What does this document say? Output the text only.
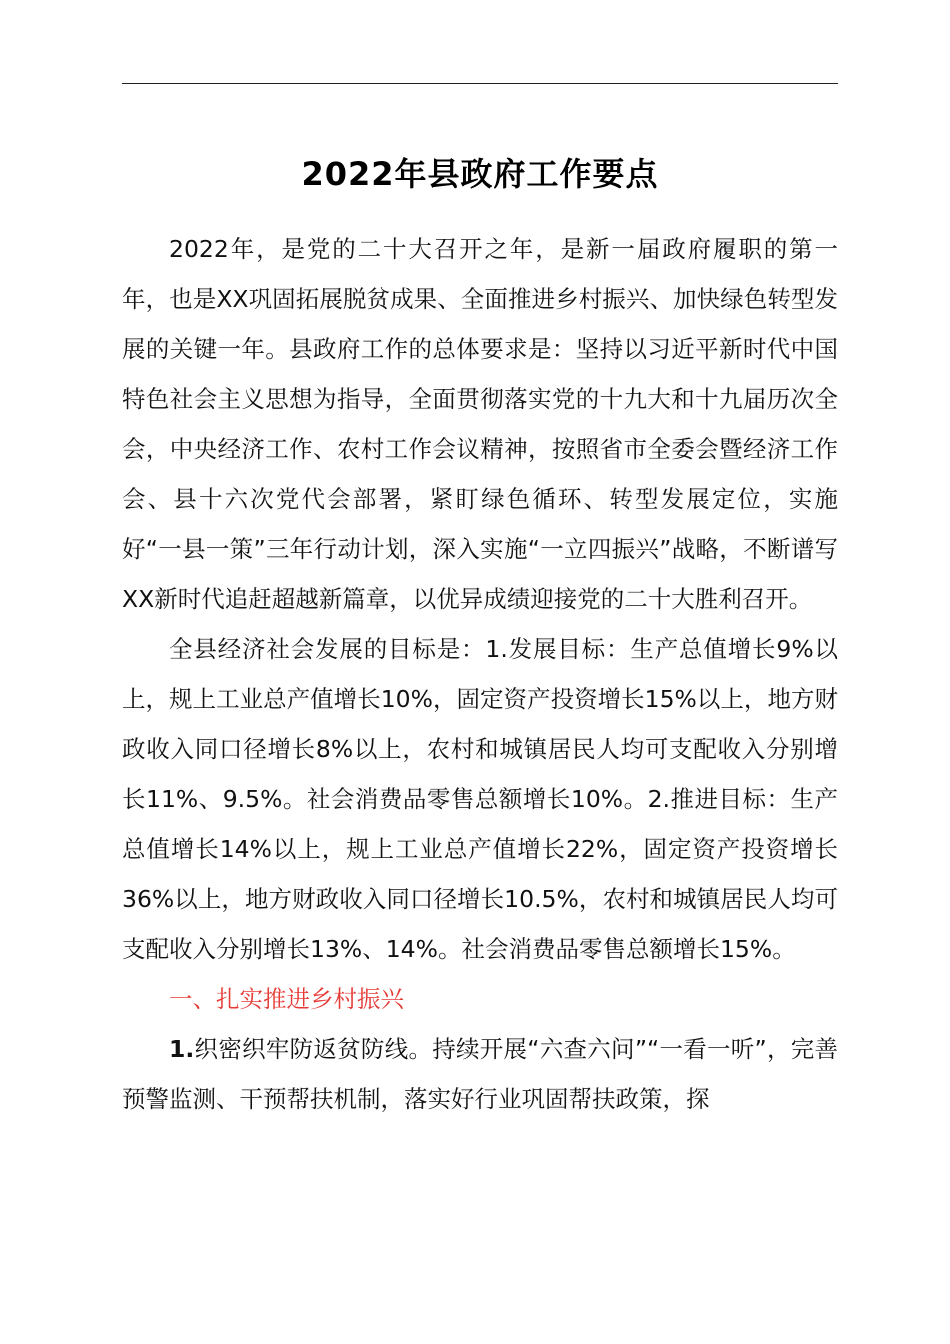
2022年县政府工作要点

2022年，是党的二十大召开之年，是新一届政府履职的第一年，也是XX巩固拓展脱贫成果、全面推进乡村振兴、加快绿色转型发展的关键一年。县政府工作的总体要求是：坚持以习近平新时代中国特色社会主义思想为指导，全面贯彻落实党的十九大和十九届历次全会，中央经济工作、农村工作会议精神，按照省市全委会暨经济工作会、县十六次党代会部署，紧盯绿色循环、转型发展定位，实施好“一县一策”三年行动计划，深入实施“一立四振兴”战略，不断谱写XX新时代追赶超越新篇章，以优异成绩迎接党的二十大胜利召开。

全县经济社会发展的目标是：1.发展目标：生产总值增长9%以上，规上工业总产值增长10%，固定资产投资增长15%以上，地方财政收入同口径增长8%以上，农村和城镇居民人均可支配收入分别增长11%、9.5%。社会消费品零售总额增长10%。2.推进目标：生产总值增长14%以上，规上工业总产值增长22%，固定资产投资增长36%以上，地方财政收入同口径增长10.5%，农村和城镇居民人均可支配收入分别增长13%、14%。社会消费品零售总额增长15%。

一、扎实推进乡村振兴

1.织密织牢防返贫防线。持续开展“六查六问”“一看一听”，完善预警监测、干预帮扶机制，落实好行业巩固帮扶政策，探
